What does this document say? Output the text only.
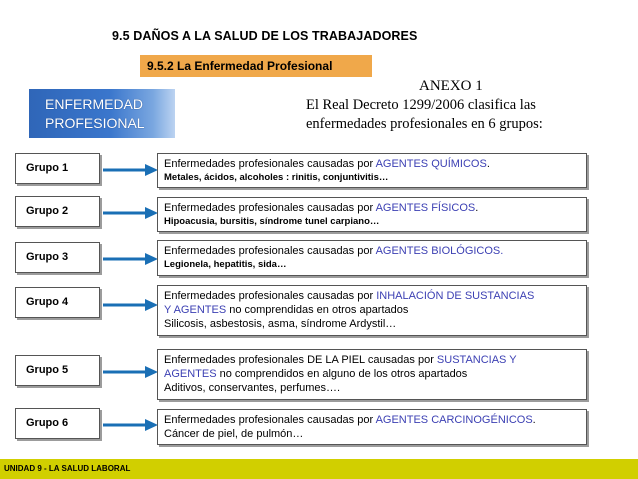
9.5 DAÑOS A LA SALUD DE LOS TRABAJADORES
9.5.2 La Enfermedad Profesional
ENFERMEDAD
PROFESIONAL
ANEXO 1
El Real Decreto 1299/2006 clasifica las
enfermedades profesionales en 6 grupos:
Grupo 1	Enfermedades profesionales causadas por AGENTES QUÍMICOS.
Metales, ácidos, alcoholes : rinitis, conjuntivitis…
Grupo 2	Enfermedades profesionales causadas por AGENTES FÍSICOS.
Hipoacusia, bursitis, síndrome tunel carpiano…
Grupo 3	Enfermedades profesionales causadas por AGENTES BIOLÓGICOS.
Legionela, hepatitis, sida…
Grupo 4	Enfermedades profesionales causadas por INHALACIÓN DE SUSTANCIAS
Y AGENTES no comprendidas en otros apartados
Silicosis, asbestosis, asma, síndrome Ardystil…
Grupo 5
Enfermedades profesionales DE LA PIEL causadas por SUSTANCIAS Y
AGENTES no comprendidos en alguno de los otros apartados
Aditivos, conservantes, perfumes….
Grupo 6	Enfermedades profesionales causadas por AGENTES CARCINOGÉNICOS.
Cáncer de piel, de pulmón…
UNIDAD 9 - LA SALUD LABORAL
